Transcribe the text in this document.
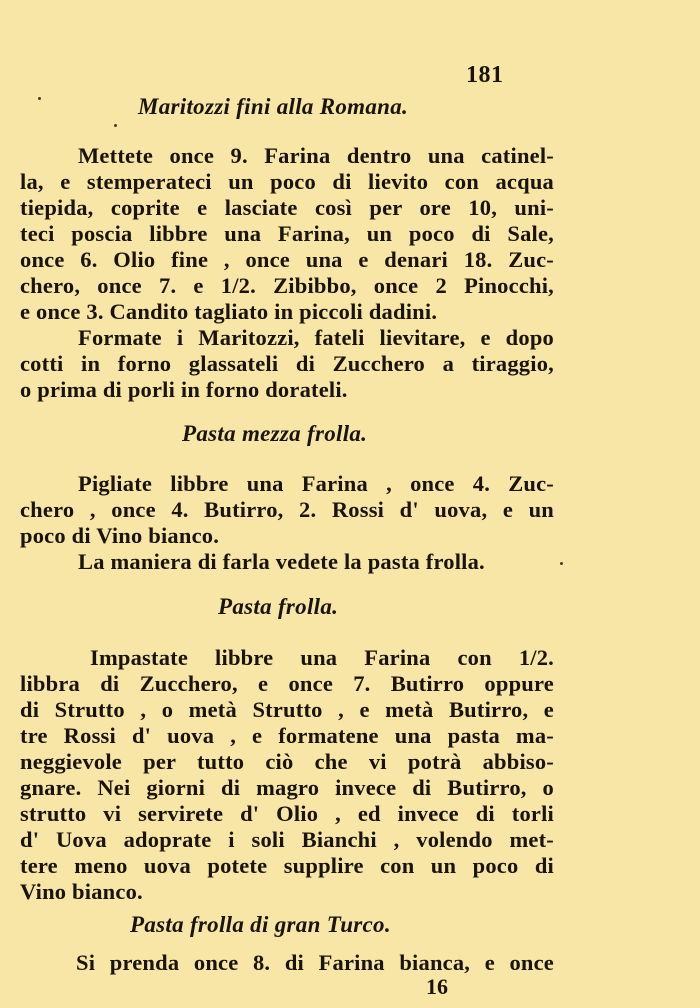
181
Maritozzi fini alla Romana.
Mettete once 9. Farina dentro una catinel-
la, e stemperateci un poco di lievito con acqua
tiepida, coprite e lasciate così per ore 10, uni-
teci poscia libbre una Farina, un poco di Sale,
once 6. Olio fine , once una e denari 18. Zuc-
chero, once 7. e 1/2. Zibibbo, once 2 Pinocchi,
e once 3. Candito tagliato in piccoli dadini.
Formate i Maritozzi, fateli lievitare, e dopo
cotti in forno glassateli di Zucchero a tiraggio,
o prima di porli in forno dorateli.
Pasta mezza frolla.
Pigliate libbre una Farina , once 4. Zuc-
chero , once 4. Butirro, 2. Rossi d' uova, e un
poco di Vino bianco.
La maniera di farla vedete la pasta frolla.
Pasta frolla.
Impastate libbre una Farina con 1/2.
libbra di Zucchero, e once 7. Butirro oppure
di Strutto , o metà Strutto , e metà Butirro, e
tre Rossi d' uova , e formatene una pasta ma-
neggievole per tutto ciò che vi potrà abbiso-
gnare. Nei giorni di magro invece di Butirro, o
strutto vi servirete d' Olio , ed invece di torli
d' Uova adoprate i soli Bianchi , volendo met-
tere meno uova potete supplire con un poco di
Vino bianco.
Pasta frolla di gran Turco.
Si prenda once 8. di Farina bianca, e once
16
